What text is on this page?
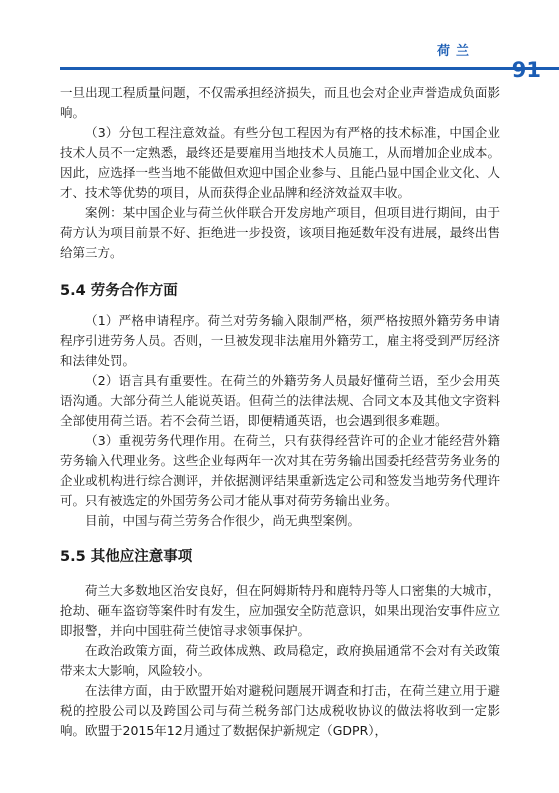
荷兰
91

一旦出现工程质量问题，不仅需承担经济损失，而且也会对企业声誉造成负面影响。

（3）分包工程注意效益。有些分包工程因为有严格的技术标准，中国企业技术人员不一定熟悉，最终还是要雇用当地技术人员施工，从而增加企业成本。因此，应选择一些当地不能做但欢迎中国企业参与、且能凸显中国企业文化、人才、技术等优势的项目，从而获得企业品牌和经济效益双丰收。

案例：某中国企业与荷兰伙伴联合开发房地产项目，但项目进行期间，由于荷方认为项目前景不好、拒绝进一步投资，该项目拖延数年没有进展，最终出售给第三方。

5.4 劳务合作方面

（1）严格申请程序。荷兰对劳务输入限制严格，须严格按照外籍劳务申请程序引进劳务人员。否则，一旦被发现非法雇用外籍劳工，雇主将受到严厉经济和法律处罚。

（2）语言具有重要性。在荷兰的外籍劳务人员最好懂荷兰语，至少会用英语沟通。大部分荷兰人能说英语。但荷兰的法律法规、合同文本及其他文字资料全部使用荷兰语。若不会荷兰语，即便精通英语，也会遇到很多难题。

（3）重视劳务代理作用。在荷兰，只有获得经营许可的企业才能经营外籍劳务输入代理业务。这些企业每两年一次对其在劳务输出国委托经营劳务业务的企业或机构进行综合测评，并依据测评结果重新选定公司和签发当地劳务代理许可。只有被选定的外国劳务公司才能从事对荷劳务输出业务。

目前，中国与荷兰劳务合作很少，尚无典型案例。

5.5 其他应注意事项

荷兰大多数地区治安良好，但在阿姆斯特丹和鹿特丹等人口密集的大城市，抢劫、砸车盗窃等案件时有发生，应加强安全防范意识，如果出现治安事件应立即报警，并向中国驻荷兰使馆寻求领事保护。

在政治政策方面，荷兰政体成熟、政局稳定，政府换届通常不会对有关政策带来太大影响，风险较小。

在法律方面，由于欧盟开始对避税问题展开调查和打击，在荷兰建立用于避税的控股公司以及跨国公司与荷兰税务部门达成税收协议的做法将收到一定影响。欧盟于2015年12月通过了数据保护新规定（GDPR），
